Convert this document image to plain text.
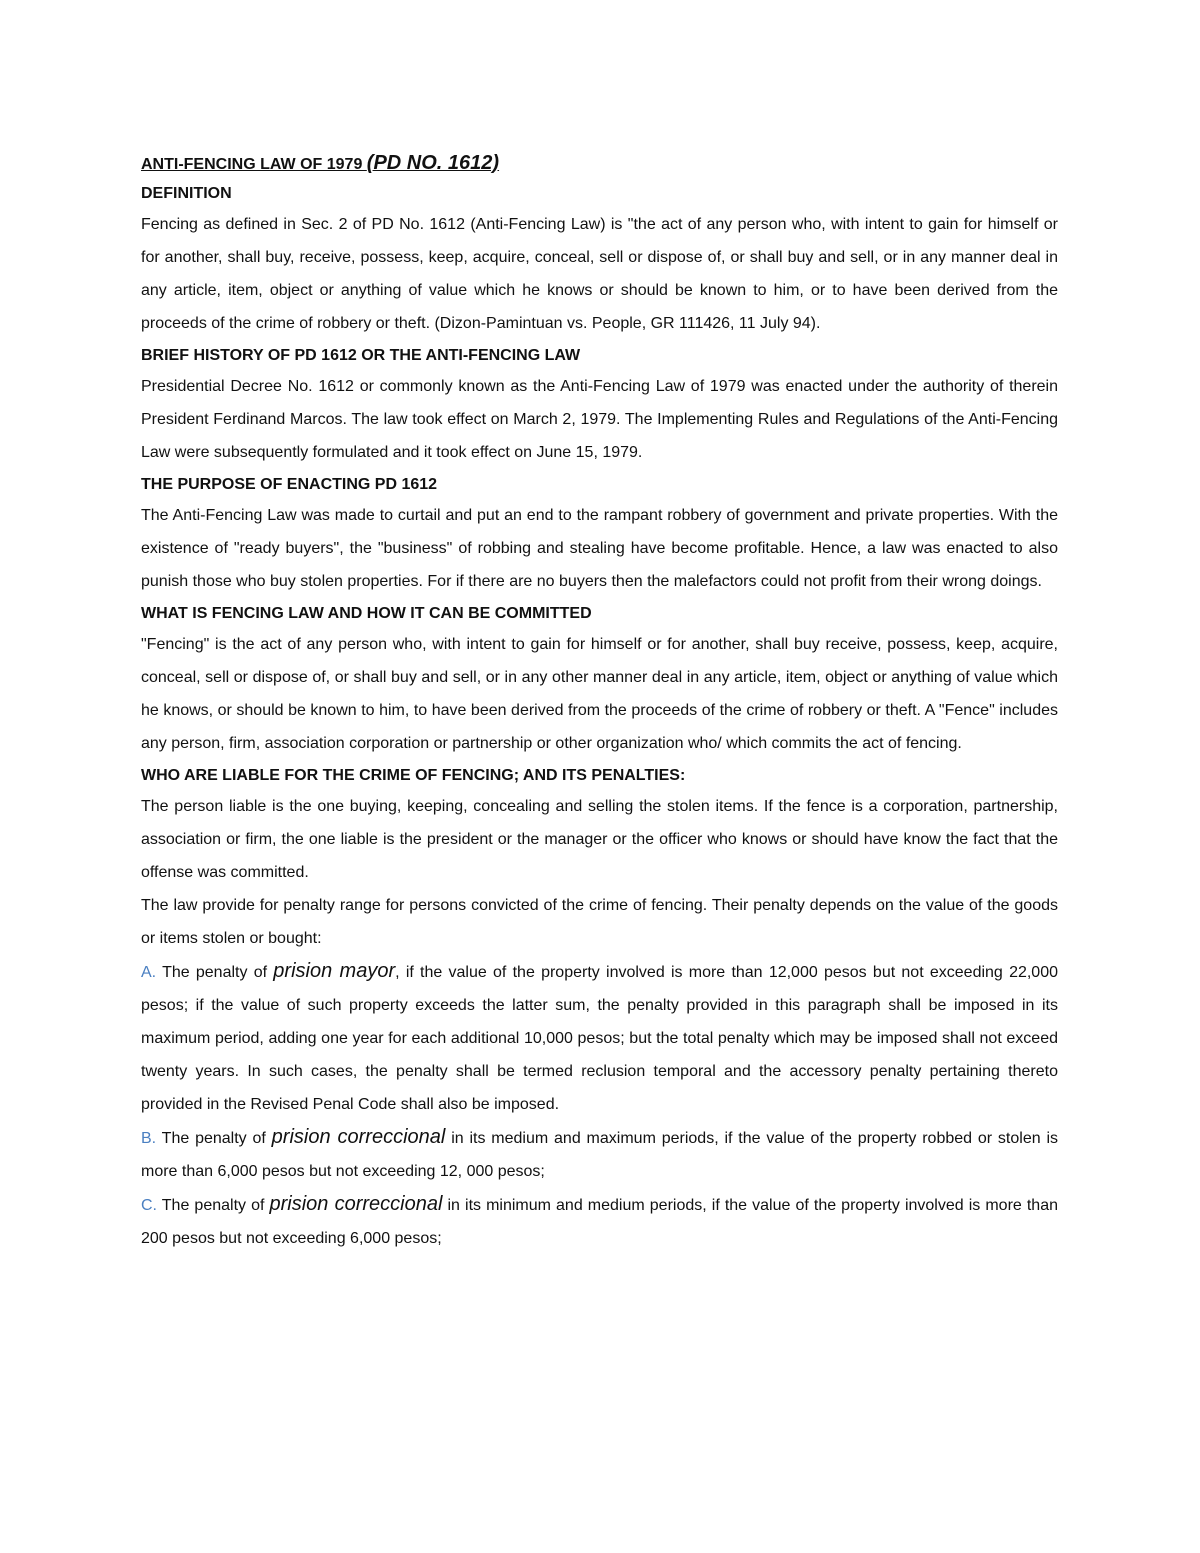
ANTI-FENCING LAW OF 1979 (PD NO. 1612)

DEFINITION

Fencing as defined in Sec. 2 of PD No. 1612 (Anti-Fencing Law) is "the act of any person who, with intent to gain for himself or for another, shall buy, receive, possess, keep, acquire, conceal, sell or dispose of, or shall buy and sell, or in any manner deal in any article, item, object or anything of value which he knows or should be known to him, or to have been derived from the proceeds of the crime of robbery or theft. (Dizon-Pamintuan vs. People, GR 111426, 11 July 94).

BRIEF HISTORY OF PD 1612 OR THE ANTI-FENCING LAW

Presidential Decree No. 1612 or commonly known as the Anti-Fencing Law of 1979 was enacted under the authority of therein President Ferdinand Marcos. The law took effect on March 2, 1979. The Implementing Rules and Regulations of the Anti-Fencing Law were subsequently formulated and it took effect on June 15, 1979.

THE PURPOSE OF ENACTING PD 1612

The Anti-Fencing Law was made to curtail and put an end to the rampant robbery of government and private properties. With the existence of "ready buyers", the "business" of robbing and stealing have become profitable. Hence, a law was enacted to also punish those who buy stolen properties. For if there are no buyers then the malefactors could not profit from their wrong doings.

WHAT IS FENCING LAW AND HOW IT CAN BE COMMITTED

"Fencing" is the act of any person who, with intent to gain for himself or for another, shall buy receive, possess, keep, acquire, conceal, sell or dispose of, or shall buy and sell, or in any other manner deal in any article, item, object or anything of value which he knows, or should be known to him, to have been derived from the proceeds of the crime of robbery or theft. A "Fence" includes any person, firm, association corporation or partnership or other organization who/ which commits the act of fencing.

WHO ARE LIABLE FOR THE CRIME OF FENCING; AND ITS PENALTIES:

The person liable is the one buying, keeping, concealing and selling the stolen items. If the fence is a corporation, partnership, association or firm, the one liable is the president or the manager or the officer who knows or should have know the fact that the offense was committed.

The law provide for penalty range for persons convicted of the crime of fencing. Their penalty depends on the value of the goods or items stolen or bought:

A. The penalty of prision mayor, if the value of the property involved is more than 12,000 pesos but not exceeding 22,000 pesos; if the value of such property exceeds the latter sum, the penalty provided in this paragraph shall be imposed in its maximum period, adding one year for each additional 10,000 pesos; but the total penalty which may be imposed shall not exceed twenty years. In such cases, the penalty shall be termed reclusion temporal and the accessory penalty pertaining thereto provided in the Revised Penal Code shall also be imposed.

B. The penalty of prision correccional in its medium and maximum periods, if the value of the property robbed or stolen is more than 6,000 pesos but not exceeding 12, 000 pesos;

C. The penalty of prision correccional in its minimum and medium periods, if the value of the property involved is more than 200 pesos but not exceeding 6,000 pesos;
